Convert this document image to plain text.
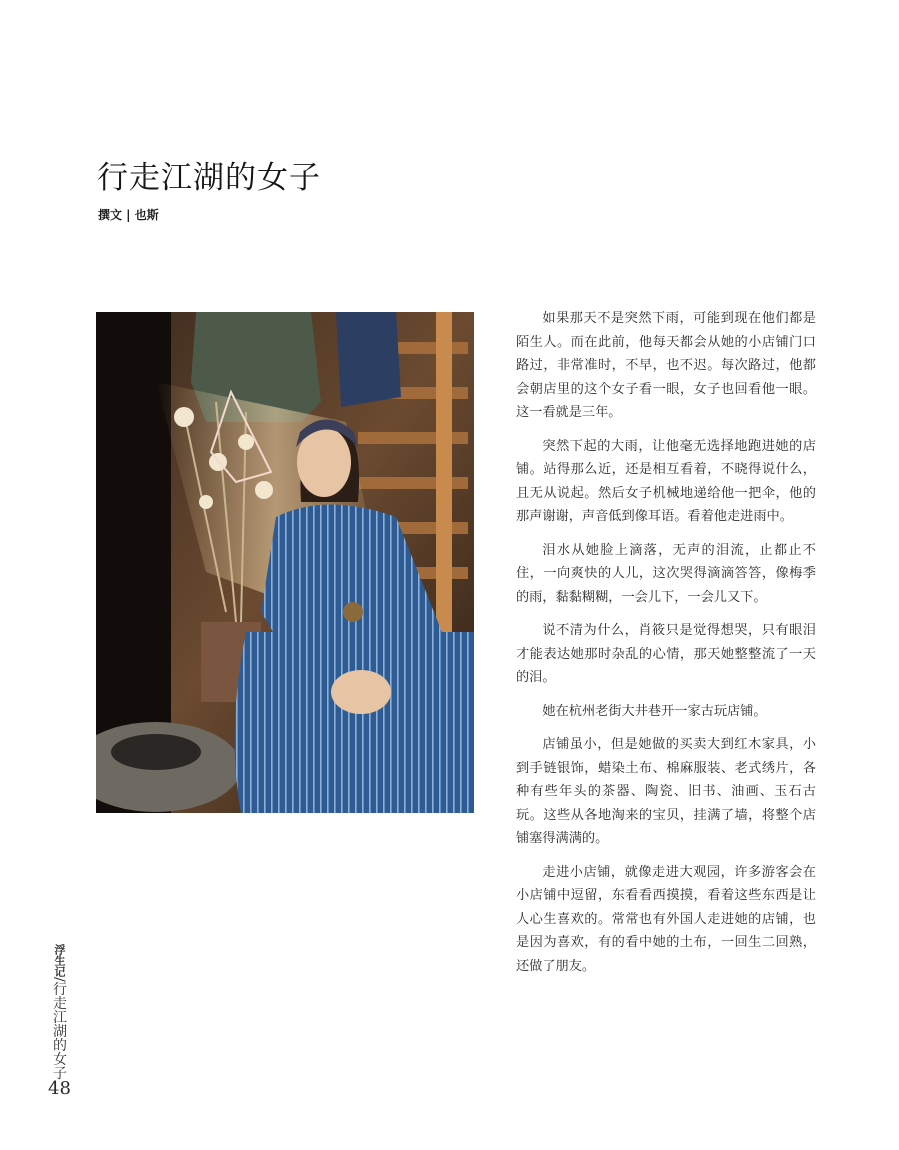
行走江湖的女子
撰文 | 也斯

如果那天不是突然下雨，可能到现在他们都是陌生人。而在此前，他每天都会从她的小店铺门口路过，非常准时，不早，也不迟。每次路过，他都会朝店里的这个女子看一眼，女子也回看他一眼。这一看就是三年。

突然下起的大雨，让他毫无选择地跑进她的店铺。站得那么近，还是相互看着，不晓得说什么，且无从说起。然后女子机械地递给他一把伞，他的那声谢谢，声音低到像耳语。看着他走进雨中。

泪水从她脸上滴落，无声的泪流，止都止不住，一向爽快的人儿，这次哭得滴滴答答，像梅季的雨，黏黏糊糊，一会儿下，一会儿又下。

说不清为什么，肖筱只是觉得想哭，只有眼泪才能表达她那时杂乱的心情，那天她整整流了一天的泪。

她在杭州老街大井巷开一家古玩店铺。

店铺虽小，但是她做的买卖大到红木家具，小到手链银饰，蜡染土布、棉麻服装、老式绣片，各种有些年头的茶器、陶瓷、旧书、油画、玉石古玩。这些从各地淘来的宝贝，挂满了墙，将整个店铺塞得满满的。

走进小店铺，就像走进大观园，许多游客会在小店铺中逗留，东看看西摸摸，看着这些东西是让人心生喜欢的。常常也有外国人走进她的店铺，也是因为喜欢，有的看中她的土布，一回生二回熟，还做了朋友。

浮生记/行走江湖的女子
48
